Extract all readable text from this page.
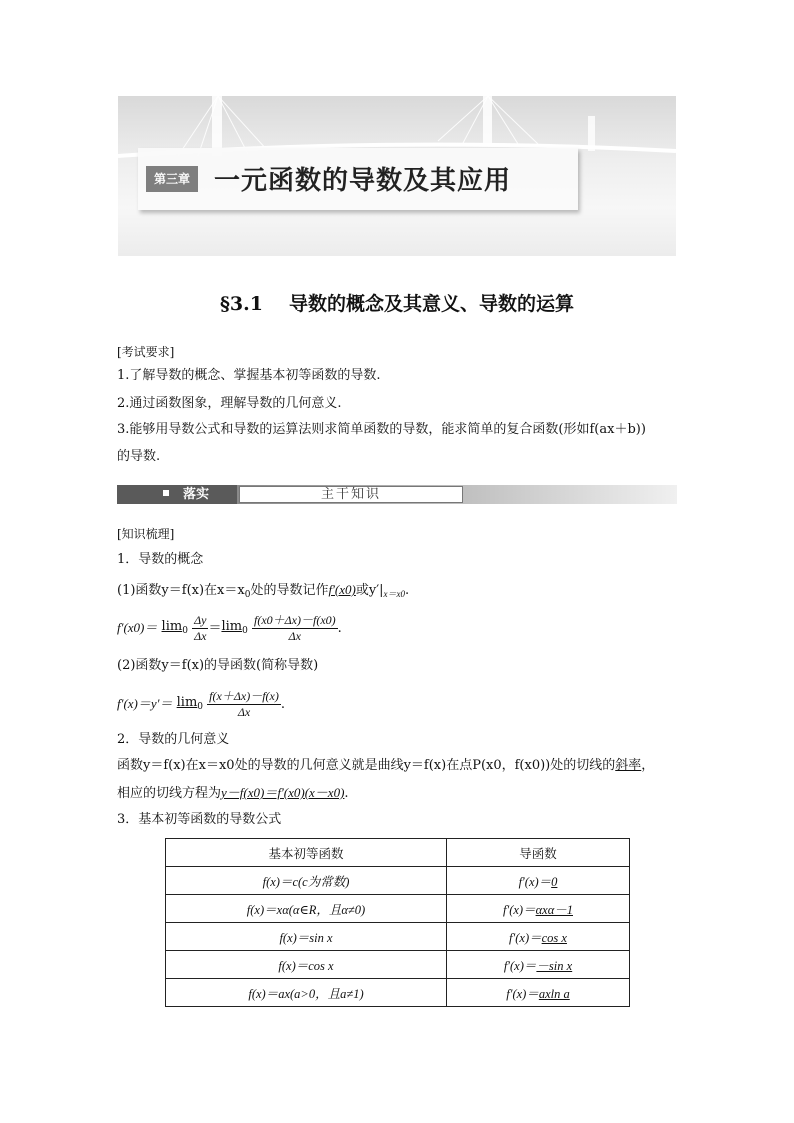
第三章 一元函数的导数及其应用
§3.1 导数的概念及其意义、导数的运算
[考试要求]
1.了解导数的概念、掌握基本初等函数的导数.
2.通过函数图象，理解导数的几何意义.
3.能够用导数公式和导数的运算法则求简单函数的导数，能求简单的复合函数(形如f(ax＋b))
的导数.
落实	主干知识
[知识梳理]
1．导数的概念
(1)函数y＝f(x)在$x=x_0$处的导数记作f′(x0)或$y'|_{x=x0}$.
$f'(x0)= \lim_0 \frac{\Delta y}{\Delta x} =\lim_0 \frac{f(x0+\Delta x)-f(x0)}{\Delta x}$ .
(2)函数y＝f(x)的导函数(简称导数)
$f'(x)=y'= \lim_0 \frac{f(x+\Delta x)-f(x)}{\Delta x}$ .
2．导数的几何意义
函数y＝f(x)在x＝x0处的导数的几何意义就是曲线y＝f(x)在点P(x0，f(x0))处的切线的斜率，
相应的切线方程为y－f(x0)＝f′(x0)(x－x0).
3．基本初等函数的导数公式
基本初等函数	导函数
f(x)＝c(c为常数)	f′(x)＝0
f(x)＝xα(α∈R，且α≠0)	f′(x)＝αxα－1
f(x)＝sin x	f′(x)＝cos x
f(x)＝cos x	f′(x)＝－sin x
f(x)＝ax(a>0，且a≠1)	f′(x)＝axln a
